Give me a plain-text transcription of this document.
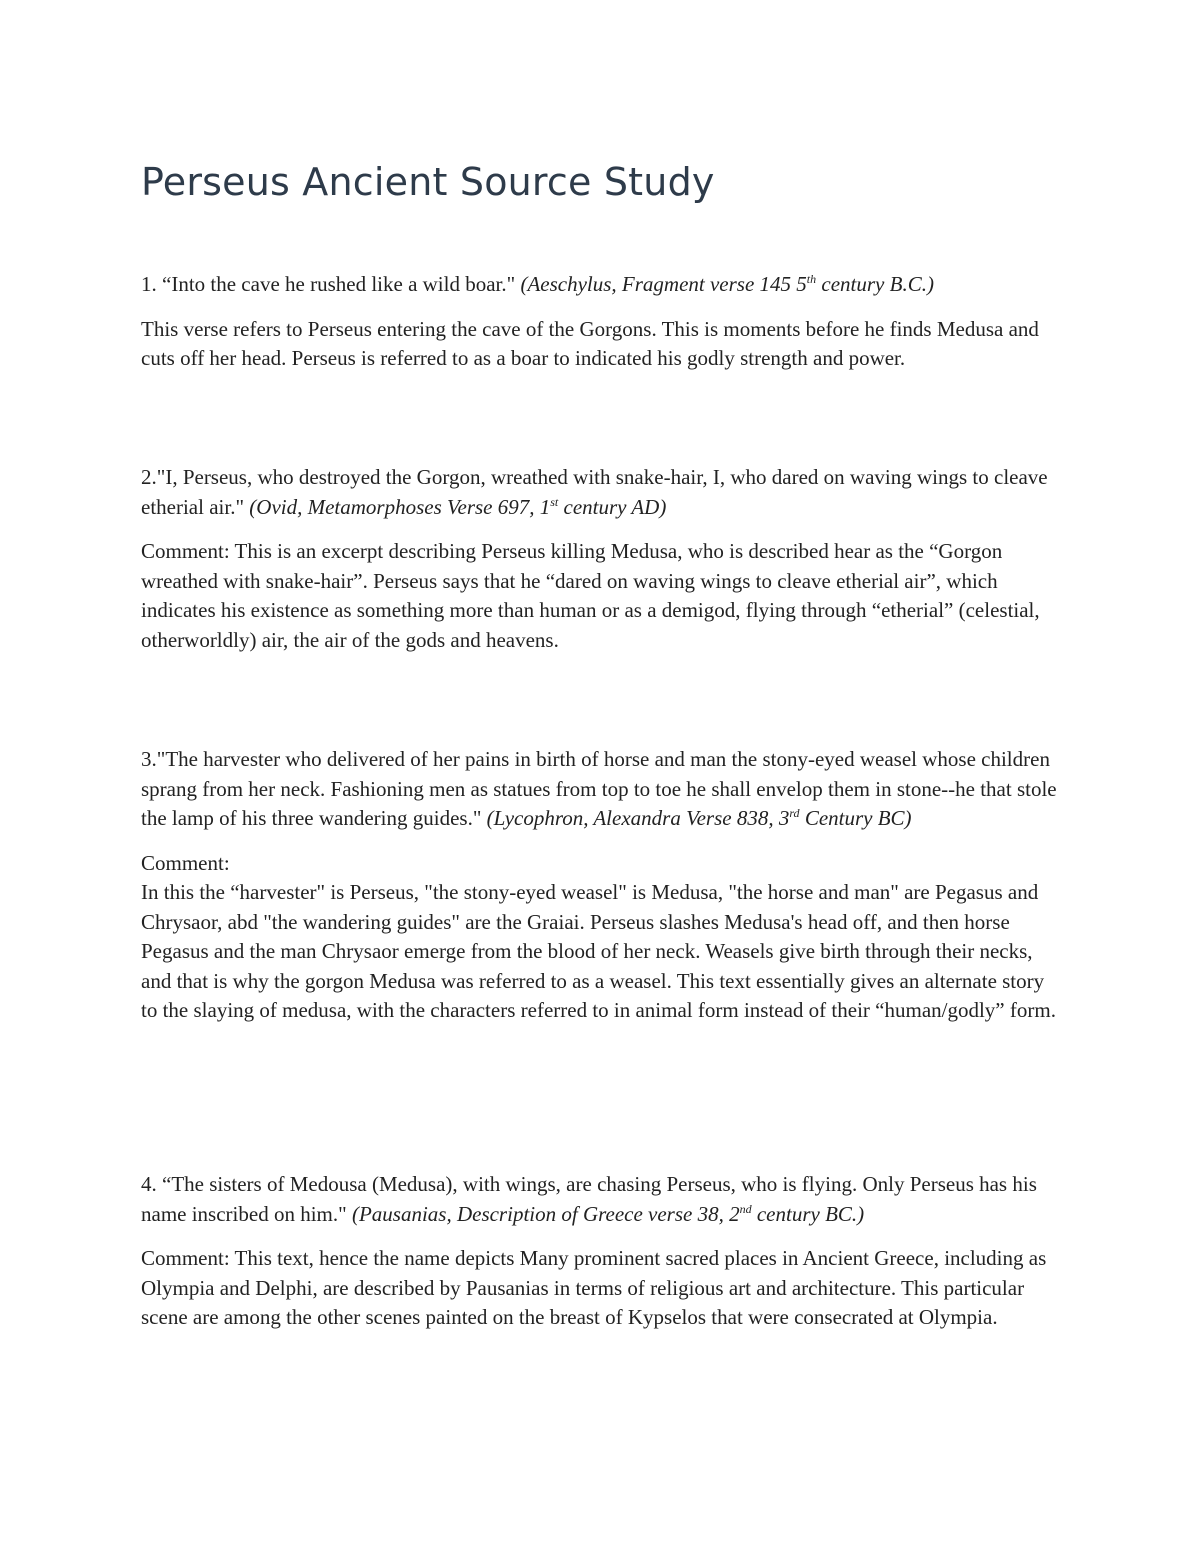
Perseus Ancient Source Study

1. “Into the cave he rushed like a wild boar." (Aeschylus, Fragment verse 145 5th century B.C.)

This verse refers to Perseus entering the cave of the Gorgons. This is moments before he finds Medusa and cuts off her head. Perseus is referred to as a boar to indicated his godly strength and power.

2."I, Perseus, who destroyed the Gorgon, wreathed with snake-hair, I, who dared on waving wings to cleave etherial air." (Ovid, Metamorphoses Verse 697, 1st century AD)

Comment: This is an excerpt describing Perseus killing Medusa, who is described hear as the “Gorgon wreathed with snake-hair”. Perseus says that he “dared on waving wings to cleave etherial air”, which indicates his existence as something more than human or as a demigod, flying through “etherial” (celestial, otherworldly) air, the air of the gods and heavens.

3."The harvester who delivered of her pains in birth of horse and man the stony-eyed weasel whose children sprang from her neck. Fashioning men as statues from top to toe he shall envelop them in stone--he that stole the lamp of his three wandering guides." (Lycophron, Alexandra Verse 838, 3rd Century BC)

Comment:
In this the “harvester" is Perseus, "the stony-eyed weasel" is Medusa, "the horse and man" are Pegasus and Chrysaor, abd "the wandering guides" are the Graiai. Perseus slashes Medusa's head off, and then horse Pegasus and the man Chrysaor emerge from the blood of her neck. Weasels give birth through their necks, and that is why the gorgon Medusa was referred to as a weasel. This text essentially gives an alternate story to the slaying of medusa, with the characters referred to in animal form instead of their “human/godly” form.

4. “The sisters of Medousa (Medusa), with wings, are chasing Perseus, who is flying. Only Perseus has his name inscribed on him." (Pausanias, Description of Greece verse 38, 2nd century BC.)

Comment: This text, hence the name depicts Many prominent sacred places in Ancient Greece, including as Olympia and Delphi, are described by Pausanias in terms of religious art and architecture. This particular scene are among the other scenes painted on the breast of Kypselos that were consecrated at Olympia.
